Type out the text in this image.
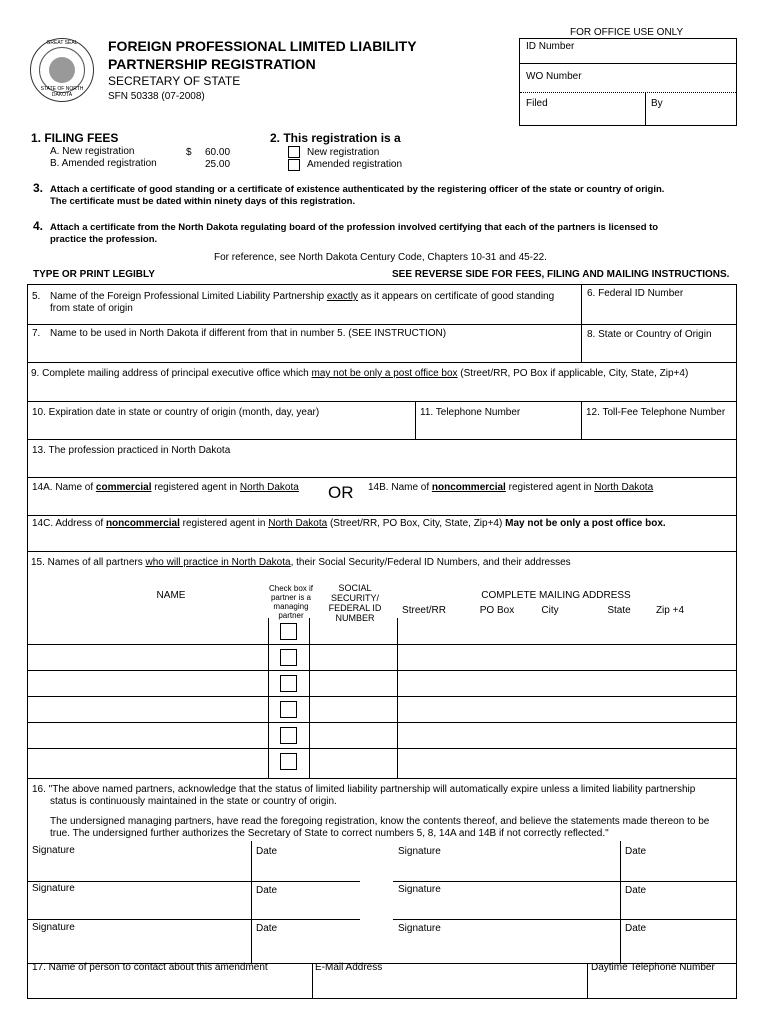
GREAT SEAL
STATE OF NORTH DAKOTA
FOREIGN PROFESSIONAL LIMITED LIABILITY
PARTNERSHIP REGISTRATION
SECRETARY OF STATE
SFN 50338 (07-2008)
FOR OFFICE USE ONLY
ID Number
WO Number
Filed	By
1. FILING FEES
A. New registration	$ 60.00
B. Amended registration	25.00
2. This registration is a
New registration
Amended registration
3. Attach a certificate of good standing or a certificate of existence authenticated by the registering officer of the state or country of origin.
The certificate must be dated within ninety days of this registration.
4. Attach a certificate from the North Dakota regulating board of the profession involved certifying that each of the partners is licensed to
practice the profession.
For reference, see North Dakota Century Code, Chapters 10-31 and 45-22.
TYPE OR PRINT LEGIBLY	SEE REVERSE SIDE FOR FEES, FILING AND MAILING INSTRUCTIONS.
5. Name of the Foreign Professional Limited Liability Partnership exactly as it appears on certificate of good standing
from state of origin
6. Federal ID Number
7. Name to be used in North Dakota if different from that in number 5. (SEE INSTRUCTION)	8. State or Country of Origin
9. Complete mailing address of principal executive office which may not be only a post office box (Street/RR, PO Box if applicable, City, State, Zip+4)
10. Expiration date in state or country of origin (month, day, year)	11. Telephone Number	12. Toll-Fee Telephone Number
13. The profession practiced in North Dakota
14A. Name of commercial registered agent in North Dakota OR 14B. Name of noncommercial registered agent in North Dakota
14C. Address of noncommercial registered agent in North Dakota (Street/RR, PO Box, City, State, Zip+4) May not be only a post office box.
15. Names of all partners who will practice in North Dakota, their Social Security/Federal ID Numbers, and their addresses
NAME
Check box if partner is a managing partner
SOCIAL SECURITY/ FEDERAL ID NUMBER
COMPLETE MAILING ADDRESS
Street/RR	PO Box	City	State	Zip +4
16. "The above named partners, acknowledge that the status of limited liability partnership will automatically expire unless a limited liability partnership
status is continuously maintained in the state or country of origin.
The undersigned managing partners, have read the foregoing registration, know the contents thereof, and believe the statements made thereon to be
true. The undersigned further authorizes the Secretary of State to correct numbers 5, 8, 14A and 14B if not correctly reflected."
Signature	Date	Signature	Date
Signature	Date	Signature	Date
Signature	Date	Signature	Date
17. Name of person to contact about this amendment	E-Mail Address	Daytime Telephone Number
